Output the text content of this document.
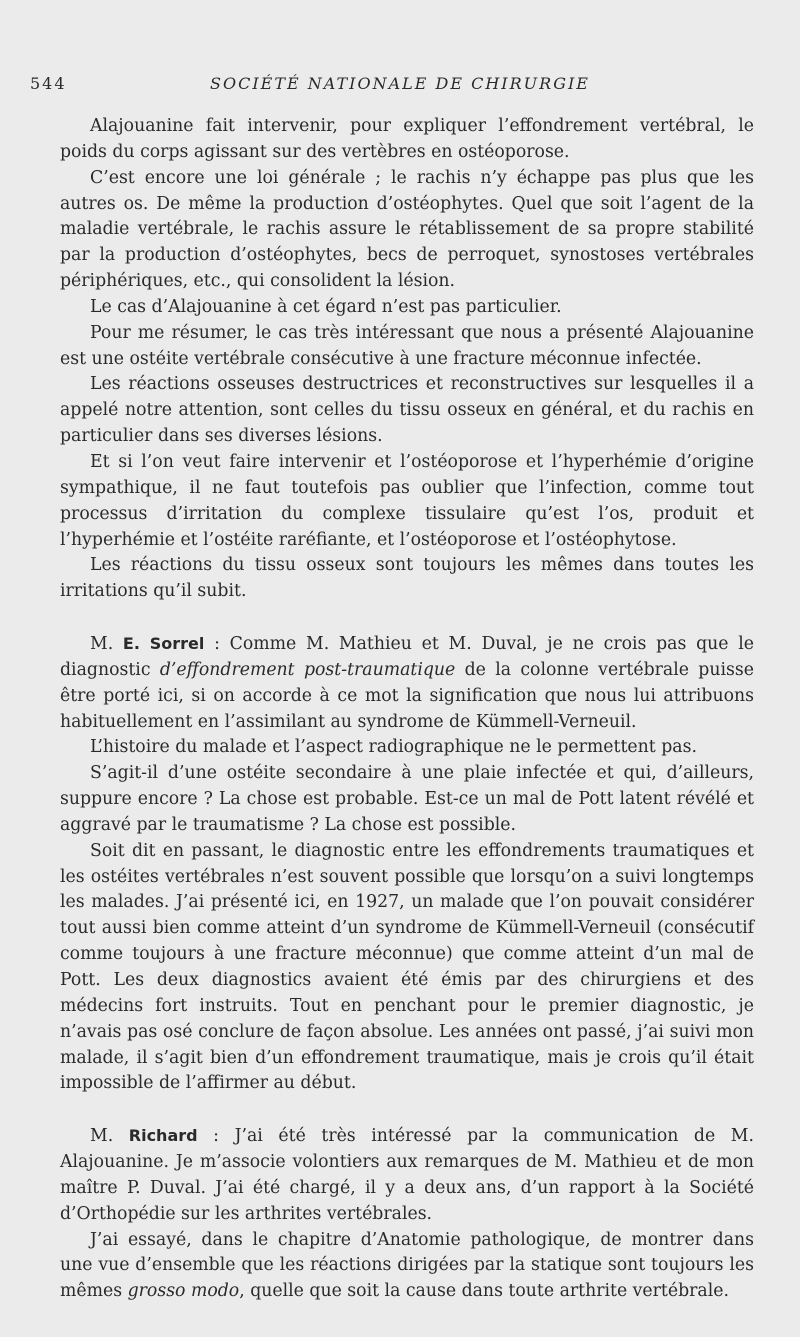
544	SOCIÉTÉ NATIONALE DE CHIRURGIE

Alajouanine fait intervenir, pour expliquer l’effondrement vertébral, le poids du corps agissant sur des vertèbres en ostéoporose.

C’est encore une loi générale ; le rachis n’y échappe pas plus que les autres os. De même la production d’ostéophytes. Quel que soit l’agent de la maladie vertébrale, le rachis assure le rétablissement de sa propre stabilité par la production d’ostéophytes, becs de perroquet, synostoses vertébrales périphériques, etc., qui consolident la lésion.

Le cas d’Alajouanine à cet égard n’est pas particulier.

Pour me résumer, le cas très intéressant que nous a présenté Alajouanine est une ostéite vertébrale consécutive à une fracture méconnue infectée.

Les réactions osseuses destructrices et reconstructives sur lesquelles il a appelé notre attention, sont celles du tissu osseux en général, et du rachis en particulier dans ses diverses lésions.

Et si l’on veut faire intervenir et l’ostéoporose et l’hyperhémie d’origine sympathique, il ne faut toutefois pas oublier que l’infection, comme tout processus d’irritation du complexe tissulaire qu’est l’os, produit et l’hyperhémie et l’ostéite raréfiante, et l’ostéoporose et l’ostéophytose.

Les réactions du tissu osseux sont toujours les mêmes dans toutes les irritations qu’il subit.

M. E. Sorrel : Comme M. Mathieu et M. Duval, je ne crois pas que le diagnostic d’effondrement post-traumatique de la colonne vertébrale puisse être porté ici, si on accorde à ce mot la signification que nous lui attribuons habituellement en l’assimilant au syndrome de Kümmell-Verneuil.

L’histoire du malade et l’aspect radiographique ne le permettent pas.

S’agit-il d’une ostéite secondaire à une plaie infectée et qui, d’ailleurs, suppure encore ? La chose est probable. Est-ce un mal de Pott latent révélé et aggravé par le traumatisme ? La chose est possible.

Soit dit en passant, le diagnostic entre les effondrements traumatiques et les ostéites vertébrales n’est souvent possible que lorsqu’on a suivi longtemps les malades. J’ai présenté ici, en 1927, un malade que l’on pouvait considérer tout aussi bien comme atteint d’un syndrome de Kümmell-Verneuil (consécutif comme toujours à une fracture méconnue) que comme atteint d’un mal de Pott. Les deux diagnostics avaient été émis par des chirurgiens et des médecins fort instruits. Tout en penchant pour le premier diagnostic, je n’avais pas osé conclure de façon absolue. Les années ont passé, j’ai suivi mon malade, il s’agit bien d’un effondrement traumatique, mais je crois qu’il était impossible de l’affirmer au début.

M. Richard : J’ai été très intéressé par la communication de M. Alajouanine. Je m’associe volontiers aux remarques de M. Mathieu et de mon maître P. Duval. J’ai été chargé, il y a deux ans, d’un rapport à la Société d’Orthopédie sur les arthrites vertébrales.

J’ai essayé, dans le chapitre d’Anatomie pathologique, de montrer dans une vue d’ensemble que les réactions dirigées par la statique sont toujours les mêmes grosso modo, quelle que soit la cause dans toute arthrite vertébrale.
